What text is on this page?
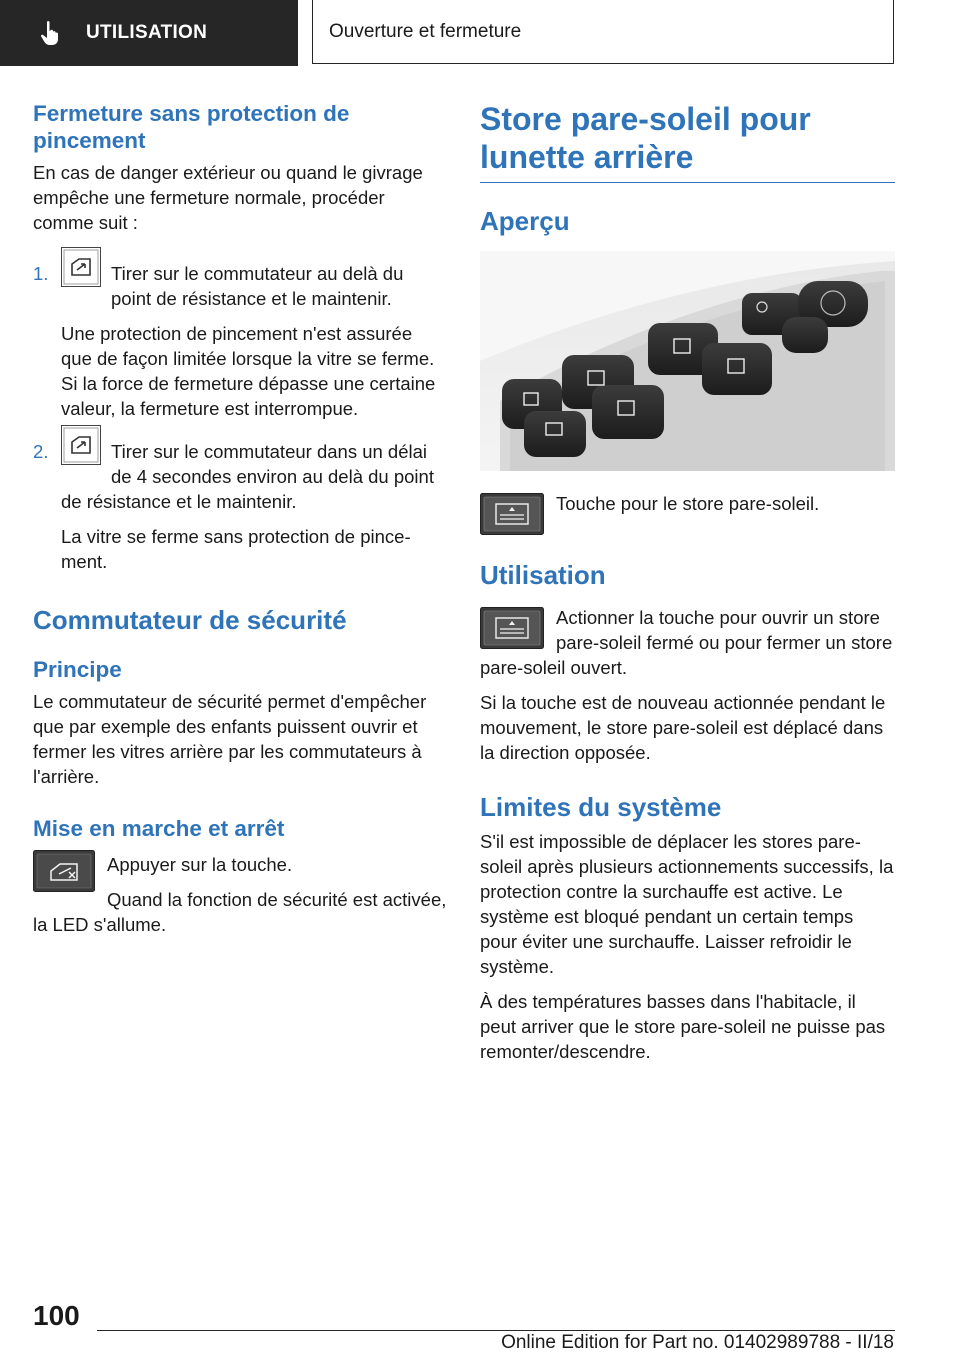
UTILISATION	Ouverture et fermeture
Fermeture sans protection de pincement

En cas de danger extérieur ou quand le givrage empêche une fermeture normale, procéder comme suit :

1.	Tirer sur le commutateur au delà du point de résistance et le maintenir.

Une protection de pincement n'est assurée que de façon limitée lorsque la vitre se ferme. Si la force de fermeture dépasse une certaine valeur, la fermeture est interrompue.

2.	Tirer sur le commutateur dans un délai de 4 secondes environ au delà du point de résistance et le maintenir.

La vitre se ferme sans protection de pincement.

Commutateur de sécurité
Principe

Le commutateur de sécurité permet d'empêcher que par exemple des enfants puissent ouvrir et fermer les vitres arrière par les commutateurs à l'arrière.

Mise en marche et arrêt

Appuyer sur la touche.

Quand la fonction de sécurité est activée, la LED s'allume.

Store pare-soleil pour lunette arrière
Aperçu

Touche pour le store pare-soleil.

Utilisation

Actionner la touche pour ouvrir un store pare-soleil fermé ou pour fermer un store pare-soleil ouvert.

Si la touche est de nouveau actionnée pendant le mouvement, le store pare-soleil est déplacé dans la direction opposée.

Limites du système

S'il est impossible de déplacer les stores pare-soleil après plusieurs actionnements successifs, la protection contre la surchauffe est active. Le système est bloqué pendant un certain temps pour éviter une surchauffe. Laisser refroidir le système.

À des températures basses dans l'habitacle, il peut arriver que le store pare-soleil ne puisse pas remonter/descendre.

100
Online Edition for Part no. 01402989788 - II/18
